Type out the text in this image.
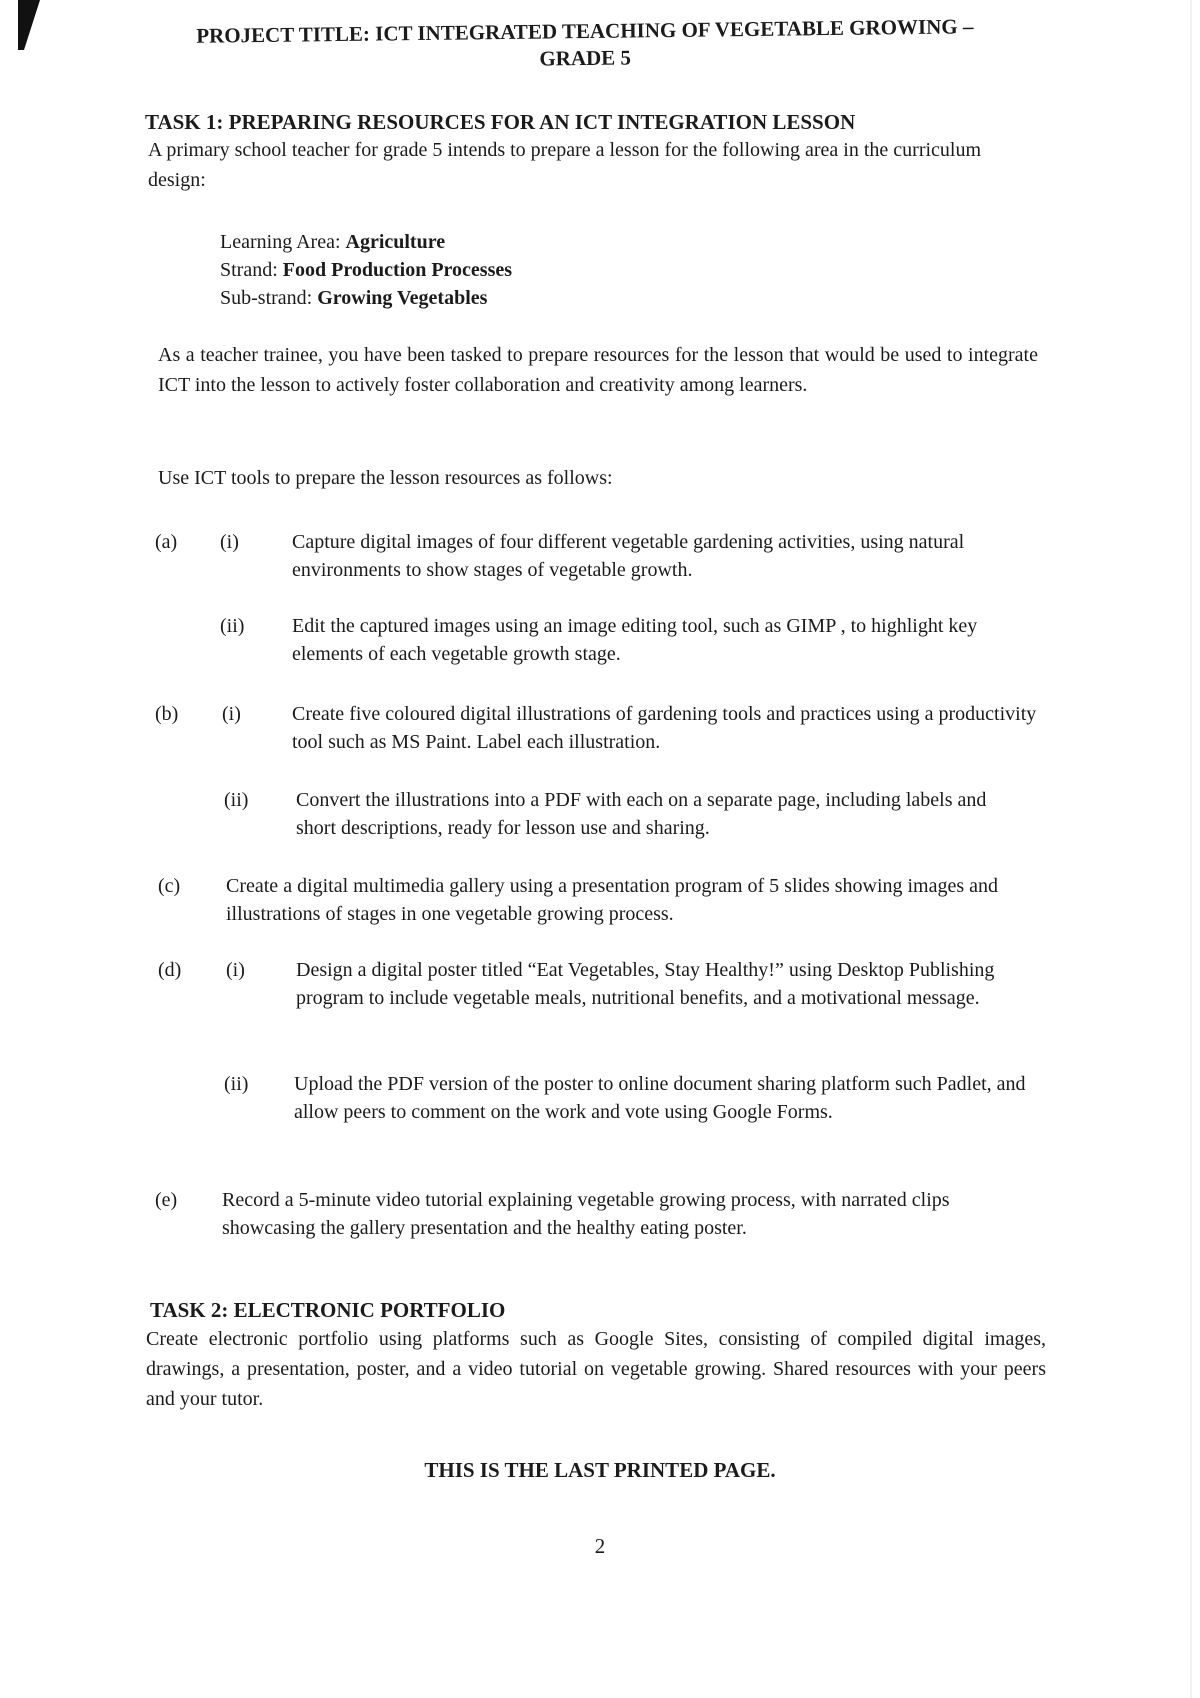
PROJECT TITLE: ICT INTEGRATED TEACHING OF VEGETABLE GROWING –
GRADE 5
TASK 1: PREPARING RESOURCES FOR AN ICT INTEGRATION LESSON

A primary school teacher for grade 5 intends to prepare a lesson for the following area in the curriculum design:

Learning Area: Agriculture
Strand: Food Production Processes
Sub-strand: Growing Vegetables

As a teacher trainee, you have been tasked to prepare resources for the lesson that would be used to integrate ICT into the lesson to actively foster collaboration and creativity among learners.

Use ICT tools to prepare the lesson resources as follows:

(a) (i)	Capture digital images of four different vegetable gardening activities, using natural environments to show stages of vegetable growth.
(ii) Edit the captured images using an image editing tool, such as GIMP , to highlight key elements of each vegetable growth stage.
(b) (i)	Create five coloured digital illustrations of gardening tools and practices using a productivity tool such as MS Paint. Label each illustration.
(ii) Convert the illustrations into a PDF with each on a separate page, including labels and short descriptions, ready for lesson use and sharing.
(c) Create a digital multimedia gallery using a presentation program of 5 slides showing images and illustrations of stages in one vegetable growing process.
(d) (i)	Design a digital poster titled “Eat Vegetables, Stay Healthy!” using Desktop Publishing program to include vegetable meals, nutritional benefits, and a motivational message.
(ii) Upload the PDF version of the poster to online document sharing platform such Padlet, and allow peers to comment on the work and vote using Google Forms.
(e) Record a 5-minute video tutorial explaining vegetable growing process, with narrated clips showcasing the gallery presentation and the healthy eating poster.
TASK 2: ELECTRONIC PORTFOLIO

Create electronic portfolio using platforms such as Google Sites, consisting of compiled digital images, drawings, a presentation, poster, and a video tutorial on vegetable growing. Shared resources with your peers and your tutor.

THIS IS THE LAST PRINTED PAGE.
2
